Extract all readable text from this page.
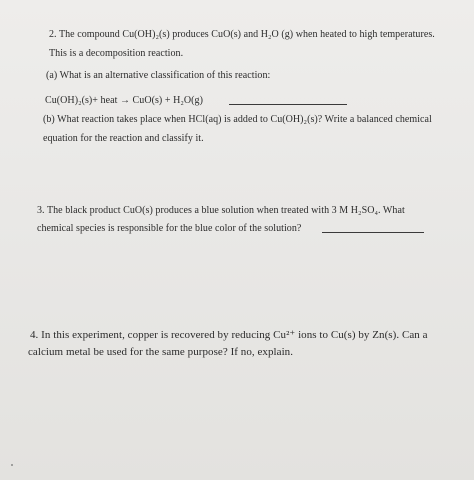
2. The compound Cu(OH)₂(s) produces CuO(s) and H₂O (g) when heated to high temperatures.
This is a decomposition reaction.
(a) What is an alternative classification of this reaction:
Cu(OH)₂(s)+ heat → CuO(s) + H₂O(g)
(b) What reaction takes place when HCl(aq) is added to Cu(OH)₂(s)? Write a balanced chemical
equation for the reaction and classify it.
3. The black product CuO(s) produces a blue solution when treated with 3 M H₂SO₄. What
chemical species is responsible for the blue color of the solution?
4. In this experiment, copper is recovered by reducing Cu²⁺ ions to Cu(s) by Zn(s). Can a
calcium metal be used for the same purpose? If no, explain.
